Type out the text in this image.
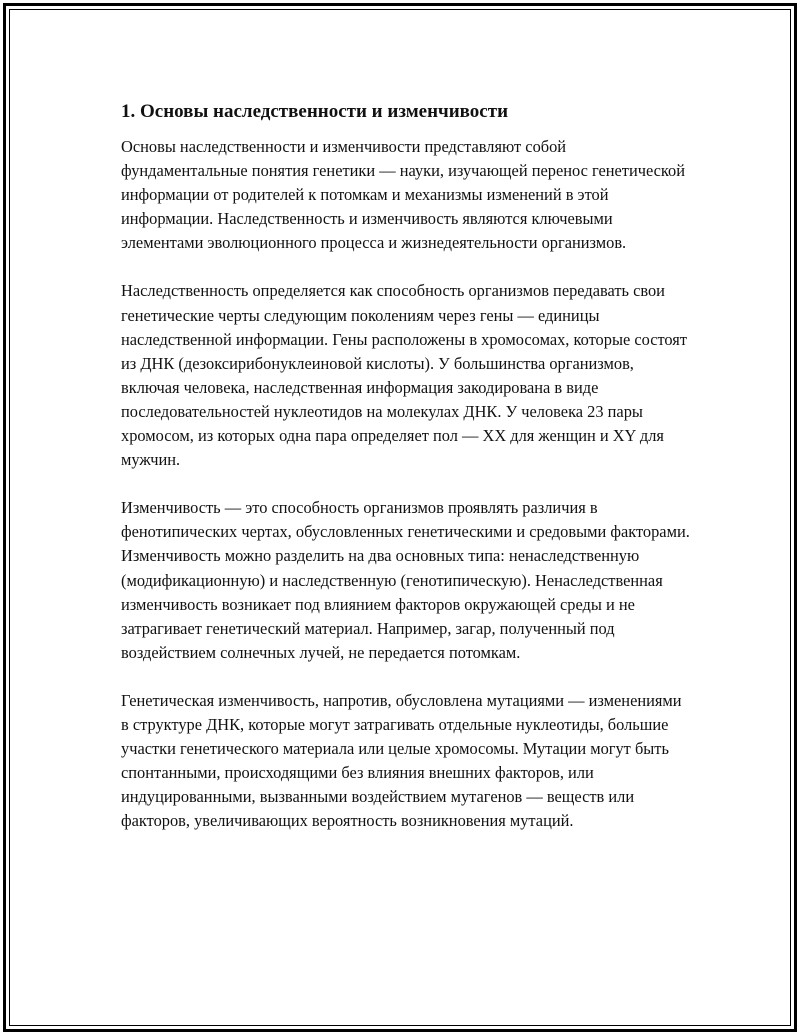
1. Основы наследственности и изменчивости

Основы наследственности и изменчивости представляют собой фундаментальные понятия генетики — науки, изучающей перенос генетической информации от родителей к потомкам и механизмы изменений в этой информации. Наследственность и изменчивость являются ключевыми элементами эволюционного процесса и жизнедеятельности организмов.

Наследственность определяется как способность организмов передавать свои генетические черты следующим поколениям через гены — единицы наследственной информации. Гены расположены в хромосомах, которые состоят из ДНК (дезоксирибонуклеиновой кислоты). У большинства организмов, включая человека, наследственная информация закодирована в виде последовательностей нуклеотидов на молекулах ДНК. У человека 23 пары хромосом, из которых одна пара определяет пол — XX для женщин и XY для мужчин.

Изменчивость — это способность организмов проявлять различия в фенотипических чертах, обусловленных генетическими и средовыми факторами. Изменчивость можно разделить на два основных типа: ненаследственную (модификационную) и наследственную (генотипическую). Ненаследственная изменчивость возникает под влиянием факторов окружающей среды и не затрагивает генетический материал. Например, загар, полученный под воздействием солнечных лучей, не передается потомкам.

Генетическая изменчивость, напротив, обусловлена мутациями — изменениями в структуре ДНК, которые могут затрагивать отдельные нуклеотиды, большие участки генетического материала или целые хромосомы. Мутации могут быть спонтанными, происходящими без влияния внешних факторов, или индуцированными, вызванными воздействием мутагенов — веществ или факторов, увеличивающих вероятность возникновения мутаций.
